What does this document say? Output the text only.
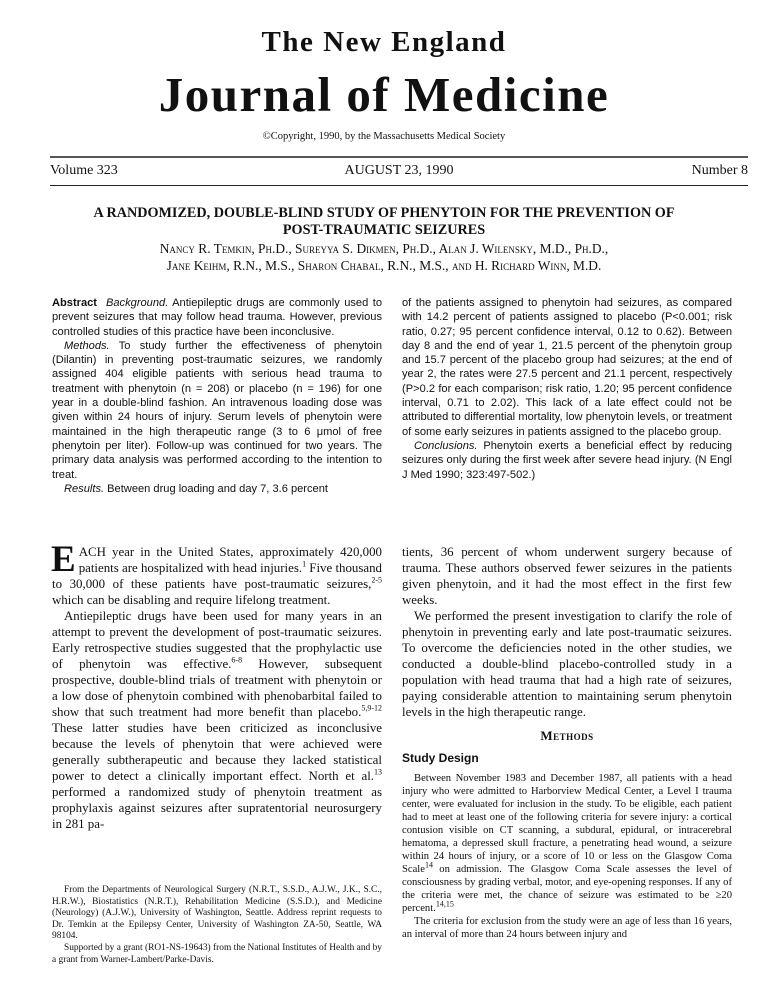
The New England
Journal of Medicine
©Copyright, 1990, by the Massachusetts Medical Society
Volume 323	AUGUST 23, 1990	Number 8
A RANDOMIZED, DOUBLE-BLIND STUDY OF PHENYTOIN FOR THE PREVENTION OF
POST-TRAUMATIC SEIZURES
Nancy R. Temkin, Ph.D., Sureyya S. Dikmen, Ph.D., Alan J. Wilensky, M.D., Ph.D.,
Jane Keihm, R.N., M.S., Sharon Chabal, R.N., M.S., and H. Richard Winn, M.D.

Abstract Background. Antiepileptic drugs are commonly used to prevent seizures that may follow head trauma. However, previous controlled studies of this practice have been inconclusive.

Methods. To study further the effectiveness of phenytoin (Dilantin) in preventing post-traumatic seizures, we randomly assigned 404 eligible patients with serious head trauma to treatment with phenytoin (n = 208) or placebo (n = 196) for one year in a double-blind fashion. An intravenous loading dose was given within 24 hours of injury. Serum levels of phenytoin were maintained in the high therapeutic range (3 to 6 μmol of free phenytoin per liter). Follow-up was continued for two years. The primary data analysis was performed according to the intention to treat.

Results. Between drug loading and day 7, 3.6 percent

of the patients assigned to phenytoin had seizures, as compared with 14.2 percent of patients assigned to placebo (P<0.001; risk ratio, 0.27; 95 percent confidence interval, 0.12 to 0.62). Between day 8 and the end of year 1, 21.5 percent of the phenytoin group and 15.7 percent of the placebo group had seizures; at the end of year 2, the rates were 27.5 percent and 21.1 percent, respectively (P>0.2 for each comparison; risk ratio, 1.20; 95 percent confidence interval, 0.71 to 2.02). This lack of a late effect could not be attributed to differential mortality, low phenytoin levels, or treatment of some early seizures in patients assigned to the placebo group.

Conclusions. Phenytoin exerts a beneficial effect by reducing seizures only during the first week after severe head injury. (N Engl J Med 1990; 323:497-502.)

EACH year in the United States, approximately 420,000 patients are hospitalized with head injuries.$^1$ Five thousand to 30,000 of these patients have post-traumatic seizures,$^{2-5}$ which can be disabling and require lifelong treatment.

Antiepileptic drugs have been used for many years in an attempt to prevent the development of post-traumatic seizures. Early retrospective studies suggested that the prophylactic use of phenytoin was effective.$^{6-8}$ However, subsequent prospective, double-blind trials of treatment with phenytoin or a low dose of phenytoin combined with phenobarbital failed to show that such treatment had more benefit than placebo.$^{5,9-12}$ These latter studies have been criticized as inconclusive because the levels of phenytoin that were achieved were generally subtherapeutic and because they lacked statistical power to detect a clinically important effect. North et al.$^{13}$ performed a randomized study of phenytoin treatment as prophylaxis against seizures after supratentorial neurosurgery in 281 pa-

From the Departments of Neurological Surgery (N.R.T., S.S.D., A.J.W., J.K., S.C., H.R.W.), Biostatistics (N.R.T.), Rehabilitation Medicine (S.S.D.), and Medicine (Neurology) (A.J.W.), University of Washington, Seattle. Address reprint requests to Dr. Temkin at the Epilepsy Center, University of Washington ZA-50, Seattle, WA 98104.

Supported by a grant (RO1-NS-19643) from the National Institutes of Health and by a grant from Warner-Lambert/Parke-Davis.

tients, 36 percent of whom underwent surgery because of trauma. These authors observed fewer seizures in the patients given phenytoin, and it had the most effect in the first few weeks.

We performed the present investigation to clarify the role of phenytoin in preventing early and late post-traumatic seizures. To overcome the deficiencies noted in the other studies, we conducted a double-blind placebo-controlled study in a population with head trauma that had a high rate of seizures, paying considerable attention to maintaining serum phenytoin levels in the high therapeutic range.

Methods
Study Design

Between November 1983 and December 1987, all patients with a head injury who were admitted to Harborview Medical Center, a Level I trauma center, were evaluated for inclusion in the study. To be eligible, each patient had to meet at least one of the following criteria for severe injury: a cortical contusion visible on CT scanning, a subdural, epidural, or intracerebral hematoma, a depressed skull fracture, a penetrating head wound, a seizure within 24 hours of injury, or a score of 10 or less on the Glasgow Coma Scale$^{14}$ on admission. The Glasgow Coma Scale assesses the level of consciousness by grading verbal, motor, and eye-opening responses. If any of the criteria were met, the chance of seizure was estimated to be ≥20 percent.$^{14,15}$

The criteria for exclusion from the study were an age of less than 16 years, an interval of more than 24 hours between injury and
